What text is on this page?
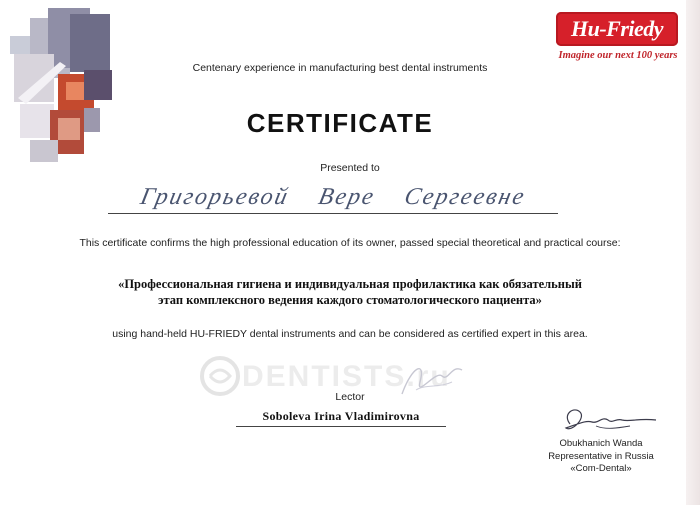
Hu-Friedy
Imagine our next 100 years
Centenary experience in manufacturing best dental instruments
CERTIFICATE
Presented to
Григорьевой Вере Сергеевне
This certificate confirms the high professional education of its owner, passed special theoretical and practical course:
«Профессиональная гигиена и индивидуальная профилактика как обязательный
этап комплексного ведения каждого стоматологического пациента»
using hand-held HU-FRIEDY dental instruments and can be considered as certified expert in this area.
DENTISTS.ru
Lector
Soboleva Irina Vladimirovna
Obukhanich Wanda
Representative in Russia
«Com-Dental»
